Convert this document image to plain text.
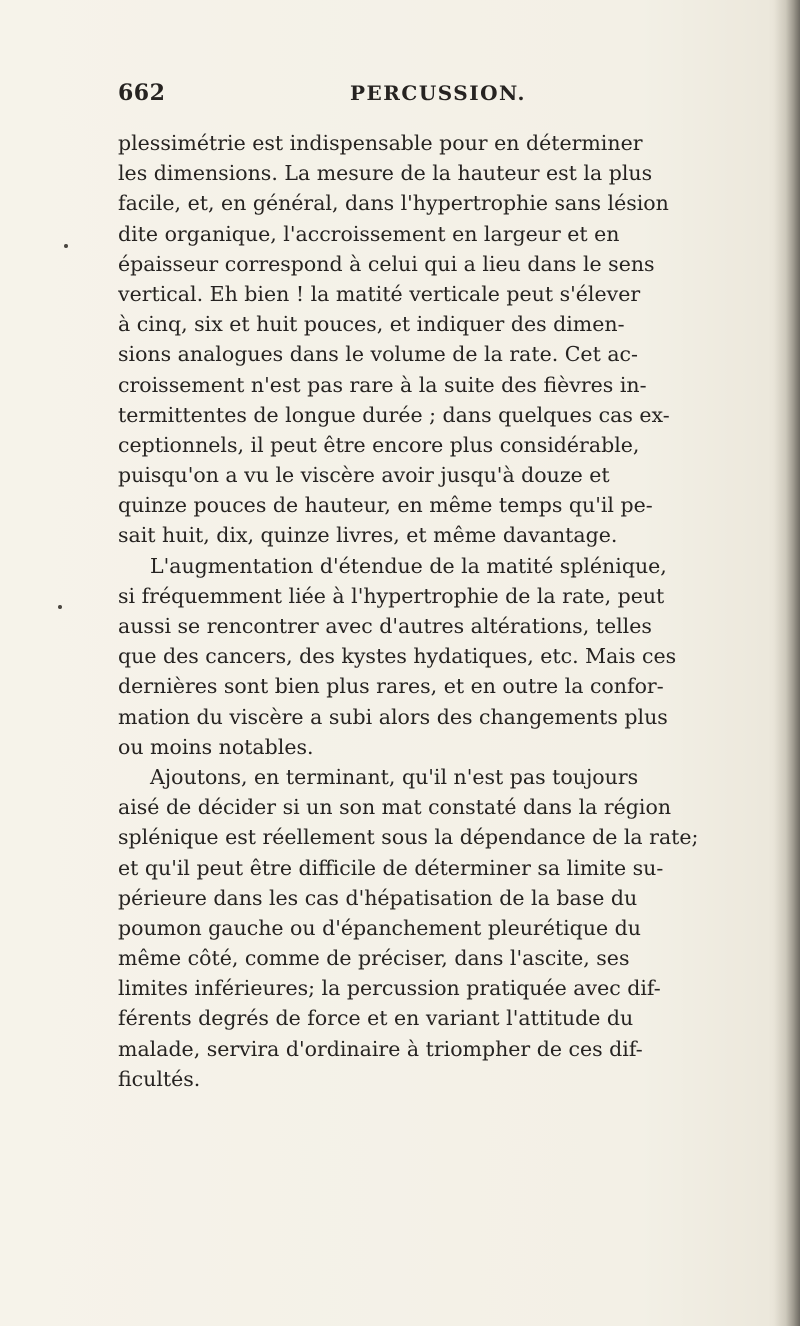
662	PERCUSSION.
plessimétrie est indispensable pour en déterminer
les dimensions. La mesure de la hauteur est la plus
facile, et, en général, dans l'hypertrophie sans lésion
dite organique, l'accroissement en largeur et en
épaisseur correspond à celui qui a lieu dans le sens
vertical. Eh bien ! la matité verticale peut s'élever
à cinq, six et huit pouces, et indiquer des dimen-
sions analogues dans le volume de la rate. Cet ac-
croissement n'est pas rare à la suite des fièvres in-
termittentes de longue durée ; dans quelques cas ex-
ceptionnels, il peut être encore plus considérable,
puisqu'on a vu le viscère avoir jusqu'à douze et
quinze pouces de hauteur, en même temps qu'il pe-
sait huit, dix, quinze livres, et même davantage.
L'augmentation d'étendue de la matité splénique,
si fréquemment liée à l'hypertrophie de la rate, peut
aussi se rencontrer avec d'autres altérations, telles
que des cancers, des kystes hydatiques, etc. Mais ces
dernières sont bien plus rares, et en outre la confor-
mation du viscère a subi alors des changements plus
ou moins notables.
Ajoutons, en terminant, qu'il n'est pas toujours
aisé de décider si un son mat constaté dans la région
splénique est réellement sous la dépendance de la rate;
et qu'il peut être difficile de déterminer sa limite su-
périeure dans les cas d'hépatisation de la base du
poumon gauche ou d'épanchement pleurétique du
même côté, comme de préciser, dans l'ascite, ses
limites inférieures; la percussion pratiquée avec dif-
férents degrés de force et en variant l'attitude du
malade, servira d'ordinaire à triompher de ces dif-
ficultés.
